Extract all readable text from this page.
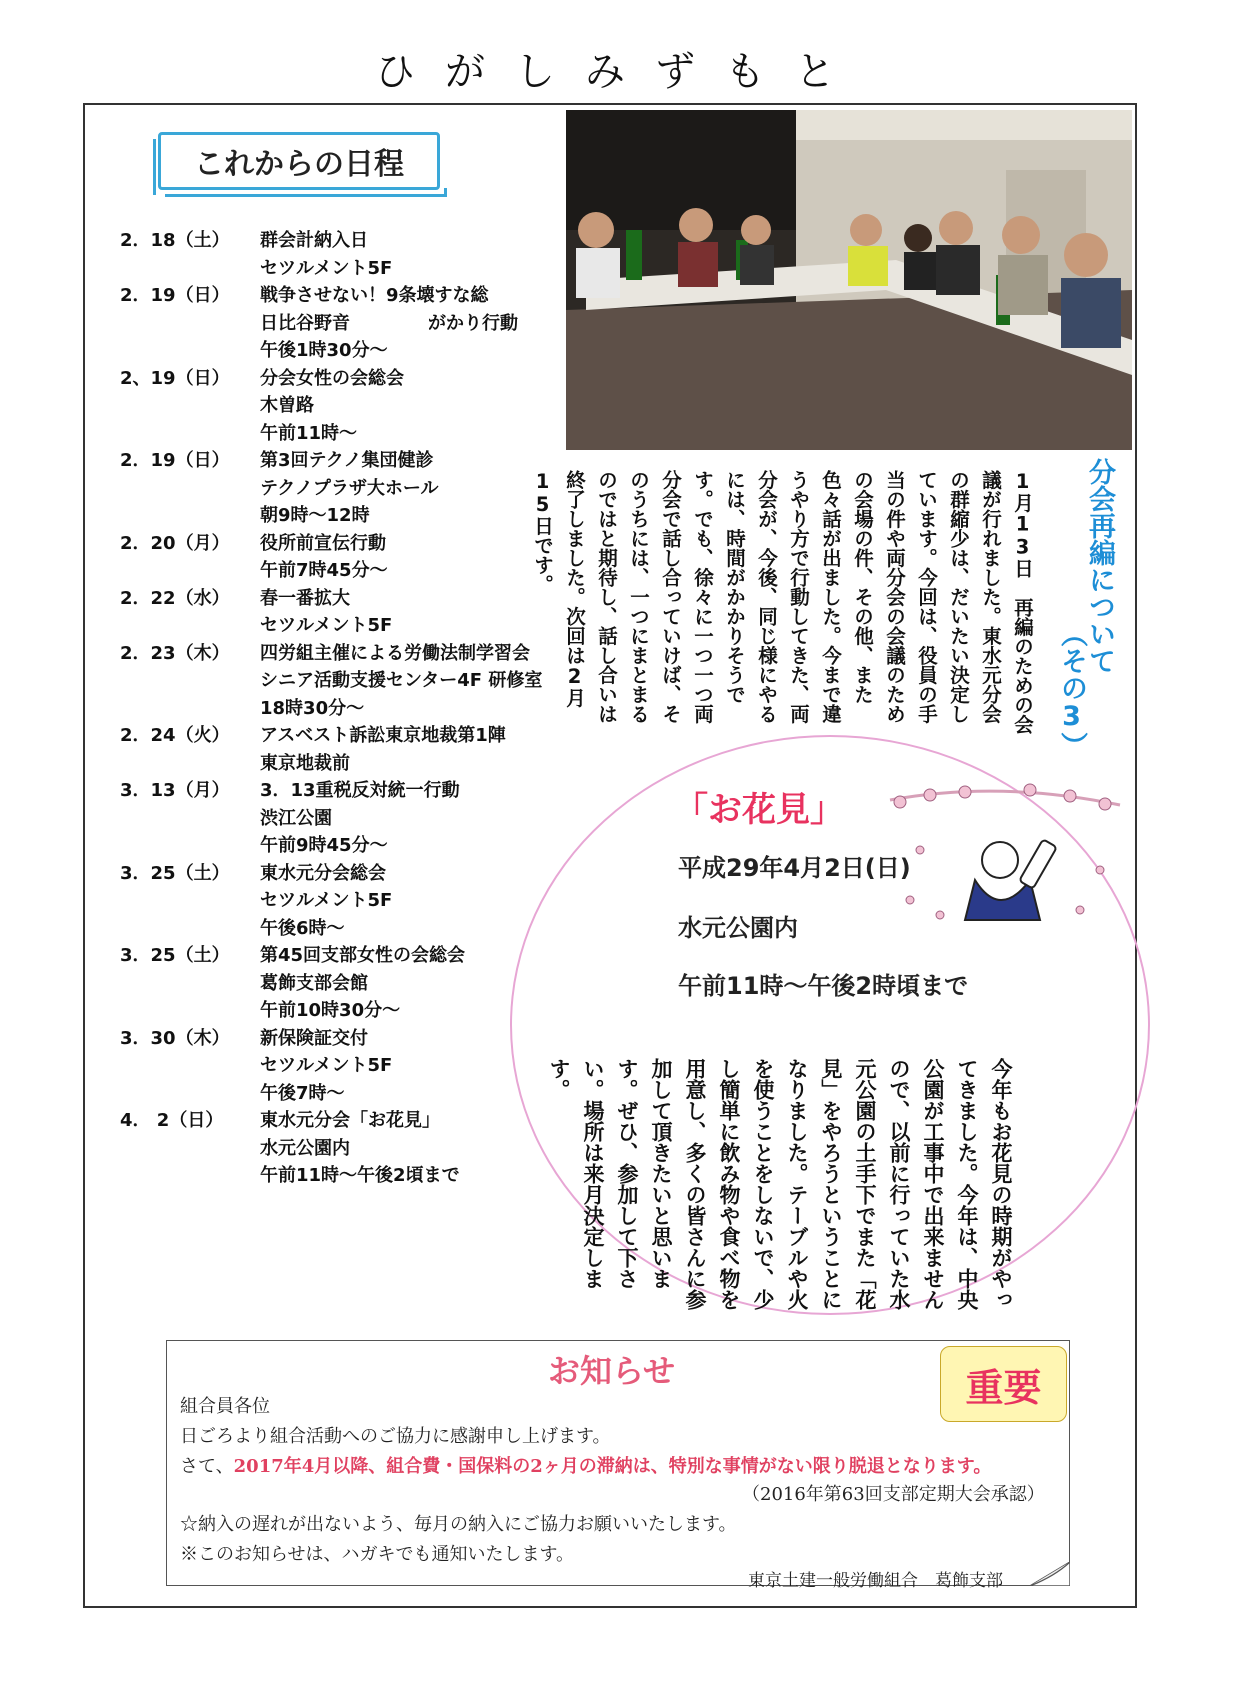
ひがしみずもと
これからの日程
2．18（土） 群会計納入日
セツルメント5F
2．19（日） 戦争させない！9条壊すな総
日比谷野音	がかり行動
午後1時30分～
2、19（日） 分会女性の会総会
木曽路
午前11時～
2．19（日） 第3回テクノ集団健診
テクノプラザ大ホール
朝9時～12時
2．20（月） 役所前宣伝行動
午前7時45分～
2．22（水） 春一番拡大
セツルメント5F
2．23（木） 四労組主催による労働法制学習会
シニア活動支援センター4F 研修室
18時30分～
2．24（火） アスベスト訴訟東京地裁第1陣
東京地裁前
3．13（月） 3．13重税反対統一行動
渋江公園
午前9時45分～
3．25（土） 東水元分会総会
セツルメント5F
午後6時～
3．25（土） 第45回支部女性の会総会
葛飾支部会館
午前10時30分～
3．30（木） 新保険証交付
セツルメント5F
午後7時～
4． 2（日） 東水元分会「お花見」
水元公園内
午前11時～午後2頃まで
分会再編について
（その3）
1月13日　再編のための会議が行れました。東水元分会の群縮少は、だいたい決定しています。今回は、役員の手当の件や両分会の会議のための会場の件、その他、また色々話が出ました。今まで違うやり方で行動してきた、両分会が、今後、同じ様にやるには、時間がかかりそうです。でも、徐々に一つ一つ両分会で話し合っていけば、そのうちには、一つにまとまるのではと期待し、話し合いは終了しました。次回は2月15日です。
「お花見」
平成29年4月2日(日)
水元公園内
午前11時～午後2時頃まで
今年もお花見の時期がやってきました。今年は、中央公園が工事中で出来ませんので、以前に行っていた水元公園の土手下でまた「花見」をやろうということになりました。テーブルや火を使うことをしないで、少し簡単に飲み物や食べ物を用意し、多くの皆さんに参加して頂きたいと思います。ぜひ、参加して下さい。場所は来月決定します。
お知らせ	重要
組合員各位
日ごろより組合活動へのご協力に感謝申し上げます。
さて、2017年4月以降、組合費・国保料の2ヶ月の滞納は、特別な事情がない限り脱退となります。
（2016年第63回支部定期大会承認）
☆納入の遅れが出ないよう、毎月の納入にご協力お願いいたします。
※このお知らせは、ハガキでも通知いたします。
東京土建一般労働組合　葛飾支部
